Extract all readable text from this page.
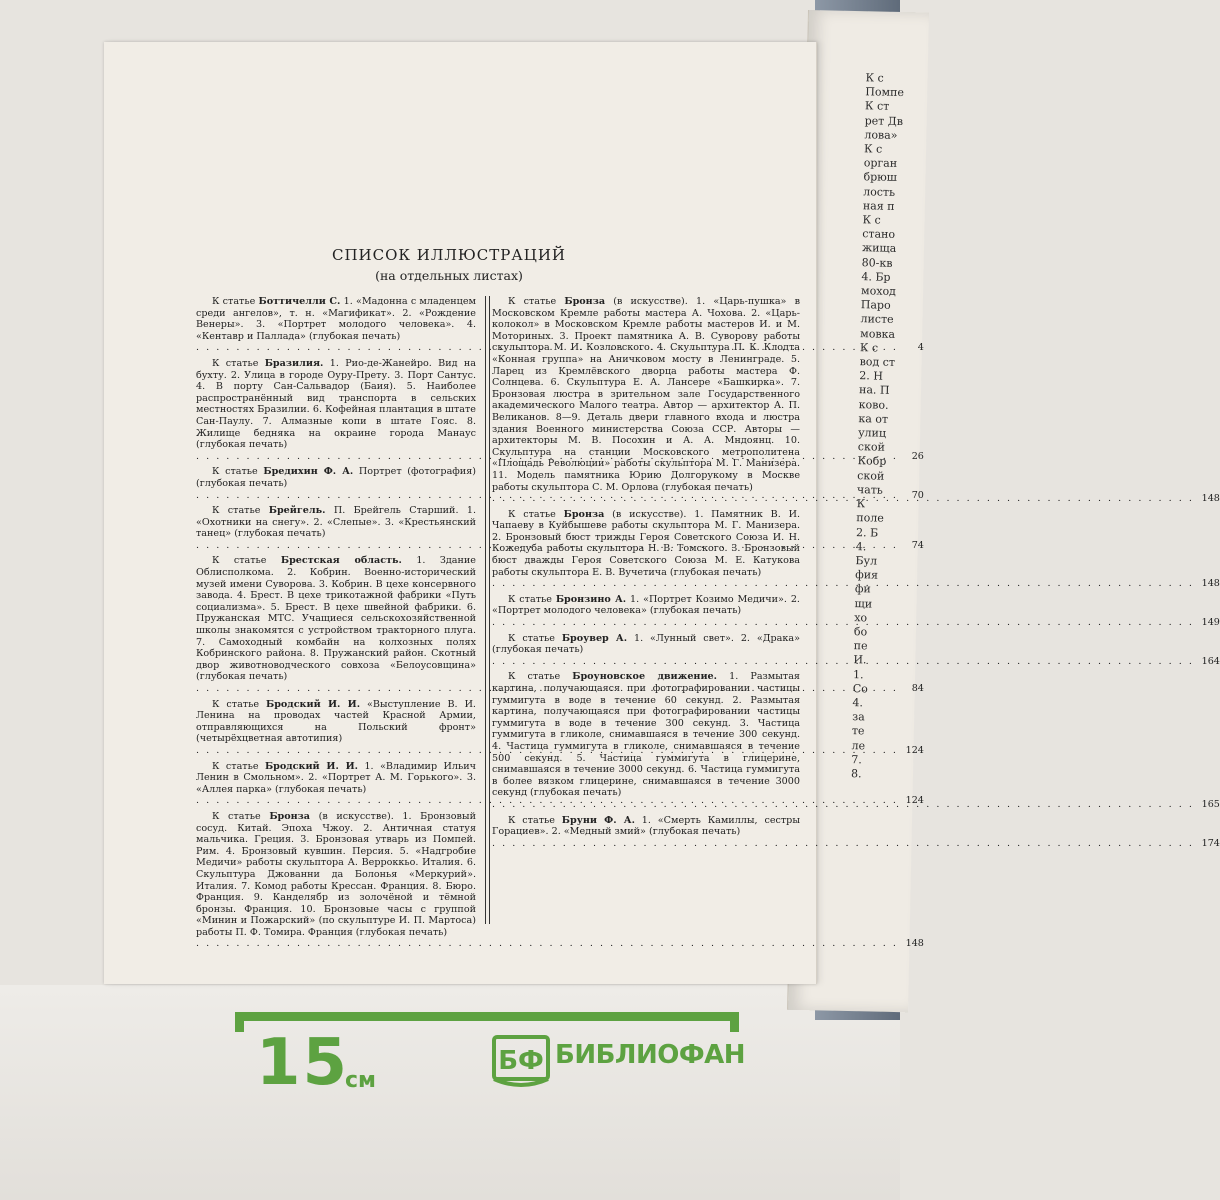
К с
Помпе
К ст
рет Дв
лова»
К с
орган
брюш
лость
ная п
К с
стано
жища
80-кв
4. Бр
моход
Паро
листе
мовка
К с
вод ст
2. Н
на. П
ково.
ка от
улиц
ской
Кобр
ской
чать
К
поле
2. Б
4.
Бул
фия
фи
щи
хо
бо
пе
И.
1.
Со
4.
за
те
ле
7.
8.
СПИСОК ИЛЛЮСТРАЦИЙ
(на отдельных листах)
К статье Боттичелли С. 1. «Мадонна с младенцем среди ангелов», т. н. «Магификат». 2. «Рождение Венеры». 3. «Портрет молодого человека». 4. «Кентавр и Паллада» (глубокая печать)
. . .
4
К статье Бразилия. 1. Рио-де-Жанейро. Вид на бухту. 2. Улица в городе Оуру-Прету. 3. Порт Сантус. 4. В порту Сан-Сальвадор (Баия). 5. Наиболее распространённый вид транспорта в сельских местностях Бразилии. 6. Кофейная плантация в штате Сан-Паулу. 7. Алмазные копи в штате Гояс. 8. Жилище бедняка на окраине города Манаус (глубокая печать)
. . .
26
К статье Бредихин Ф. А. Портрет (фотография) (глубокая печать)
. . .
70
К статье Брейгель. П. Брейгель Старший. 1. «Охотники на снегу». 2. «Слепые». 3. «Крестьянский танец» (глубокая печать)
. . .
74
К статье Брестская область. 1. Здание Облисполкома. 2. Кобрин. Военно-исторический музей имени Суворова. 3. Кобрин. В цехе консервного завода. 4. Брест. В цехе трикотажной фабрики «Путь социализма». 5. Брест. В цехе швейной фабрики. 6. Пружанская МТС. Учащиеся сельскохозяйственной школы знакомятся с устройством тракторного плуга. 7. Самоходный комбайн на колхозных полях Кобринского района. 8. Пружанский район. Скотный двор животноводческого совхоза «Белоусовщина» (глубокая печать)
. . .
84
К статье Бродский И. И. «Выступление В. И. Ленина на проводах частей Красной Армии, отправляющихся на Польский фронт» (четырёхцветная автотипия)
. . .
124
К статье Бродский И. И. 1. «Владимир Ильич Ленин в Смольном». 2. «Портрет А. М. Горького». 3. «Аллея парка» (глубокая печать)
. . .
124
К статье Бронза (в искусстве). 1. Бронзовый сосуд. Китай. Эпоха Чжоу. 2. Античная статуя мальчика. Греция. 3. Бронзовая утварь из Помпей. Рим. 4. Бронзовый кувшин. Персия. 5. «Надгробие Медичи» работы скульптора А. Верроккьо. Италия. 6. Скульптура Джованни да Болонья «Меркурий». Италия. 7. Комод работы Крессан. Франция. 8. Бюро. Франция. 9. Канделябр из золочёной и тёмной бронзы. Франция. 10. Бронзовые часы с группой «Минин и Пожарский» (по скульптуре И. П. Мартоса) работы П. Ф. Томира. Франция (глубокая печать)
. . .
148
К статье Бронза (в искусстве). 1. «Царь-пушка» в Московском Кремле работы мастера А. Чохова. 2. «Царь-колокол» в Московском Кремле работы мастеров И. и М. Моториных. 3. Проект памятника А. В. Суворову работы скульптора М. И. Козловского. 4. Скульптура П. К. Клодта «Конная группа» на Аничковом мосту в Ленинграде. 5. Ларец из Кремлёвского дворца работы мастера Ф. Солнцева. 6. Скульптура Е. А. Лансере «Башкирка». 7. Бронзовая люстра в зрительном зале Государственного академического Малого театра. Автор — архитектор А. П. Великанов. 8—9. Деталь двери главного входа и люстра здания Военного министерства Союза ССР. Авторы — архитекторы М. В. Посохин и А. А. Мндоянц. 10. Скульптура на станции Московского метрополитена «Площадь Революции» работы скульптора М. Г. Манизера. 11. Модель памятника Юрию Долгорукому в Москве работы скульптора С. М. Орлова (глубокая печать)
. . .
148
К статье Бронза (в искусстве). 1. Памятник В. И. Чапаеву в Куйбышеве работы скульптора М. Г. Манизера. 2. Бронзовый бюст трижды Героя Советского Союза И. Н. Кожедуба работы скульптора Н. В. Томского. 3. Бронзовый бюст дважды Героя Советского Союза М. Е. Катукова работы скульптора Е. В. Вучетича (глубокая печать)
. . .
148
К статье Бронзино А. 1. «Портрет Козимо Медичи». 2. «Портрет молодого человека» (глубокая печать)
. . .
149
К статье Броувер А. 1. «Лунный свет». 2. «Драка» (глубокая печать)
. . .
164
К статье Броуновское движение. 1. Размытая картина, получающаяся при фотографировании частицы гуммигута в воде в течение 60 секунд. 2. Размытая картина, получающаяся при фотографировании частицы гуммигута в воде в течение 300 секунд. 3. Частица гуммигута в гликоле, снимавшаяся в течение 300 секунд. 4. Частица гуммигута в гликоле, снимавшаяся в течение 500 секунд. 5. Частица гуммигута в глицерине, снимавшаяся в течение 3000 секунд. 6. Частица гуммигута в более вязком глицерине, снимавшаяся в течение 3000 секунд (глубокая печать)
. . .
165
К статье Бруни Ф. А. 1. «Смерть Камиллы, сестры Горациев». 2. «Медный змий» (глубокая печать)
. . .
174
15
см
БФ БИБЛИОФАН
